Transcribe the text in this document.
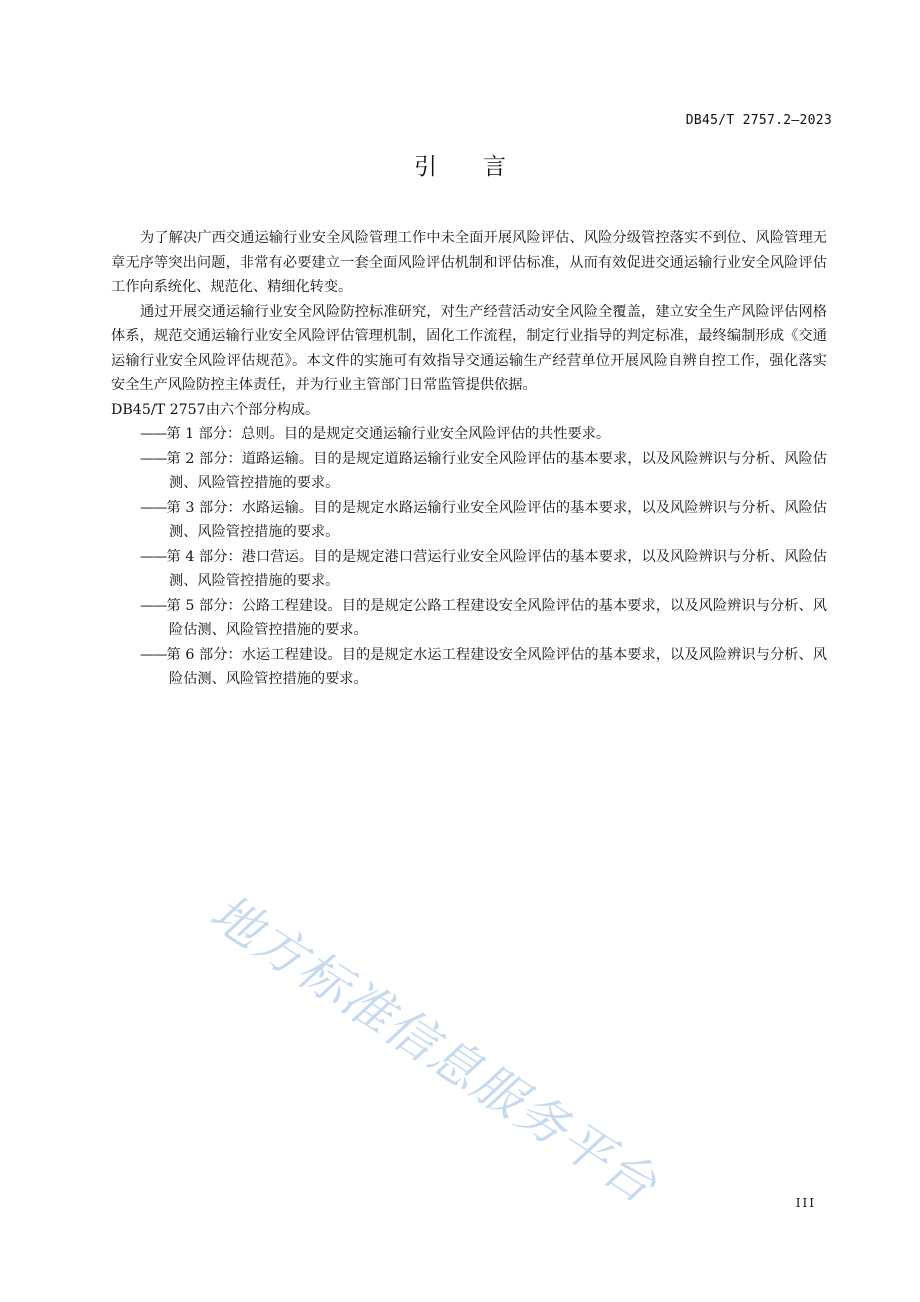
DB45/T 2757.2—2023
引言

为了解决广西交通运输行业安全风险管理工作中未全面开展风险评估、风险分级管控落实不到位、风险管理无章无序等突出问题，非常有必要建立一套全面风险评估机制和评估标准，从而有效促进交通运输行业安全风险评估工作向系统化、规范化、精细化转变。

通过开展交通运输行业安全风险防控标准研究，对生产经营活动安全风险全覆盖，建立安全生产风险评估网格体系，规范交通运输行业安全风险评估管理机制，固化工作流程，制定行业指导的判定标准，最终编制形成《交通运输行业安全风险评估规范》。本文件的实施可有效指导交通运输生产经营单位开展风险自辨自控工作，强化落实安全生产风险防控主体责任，并为行业主管部门日常监管提供依据。

DB45/T 2757由六个部分构成。

——第 1 部分：总则。目的是规定交通运输行业安全风险评估的共性要求。
——第 2 部分：道路运输。目的是规定道路运输行业安全风险评估的基本要求，以及风险辨识与分析、风险估测、风险管控措施的要求。
——第 3 部分：水路运输。目的是规定水路运输行业安全风险评估的基本要求，以及风险辨识与分析、风险估测、风险管控措施的要求。
——第 4 部分：港口营运。目的是规定港口营运行业安全风险评估的基本要求，以及风险辨识与分析、风险估测、风险管控措施的要求。
——第 5 部分：公路工程建设。目的是规定公路工程建设安全风险评估的基本要求，以及风险辨识与分析、风险估测、风险管控措施的要求。
——第 6 部分：水运工程建设。目的是规定水运工程建设安全风险评估的基本要求，以及风险辨识与分析、风险估测、风险管控措施的要求。
地方标准信息服务平台	III
